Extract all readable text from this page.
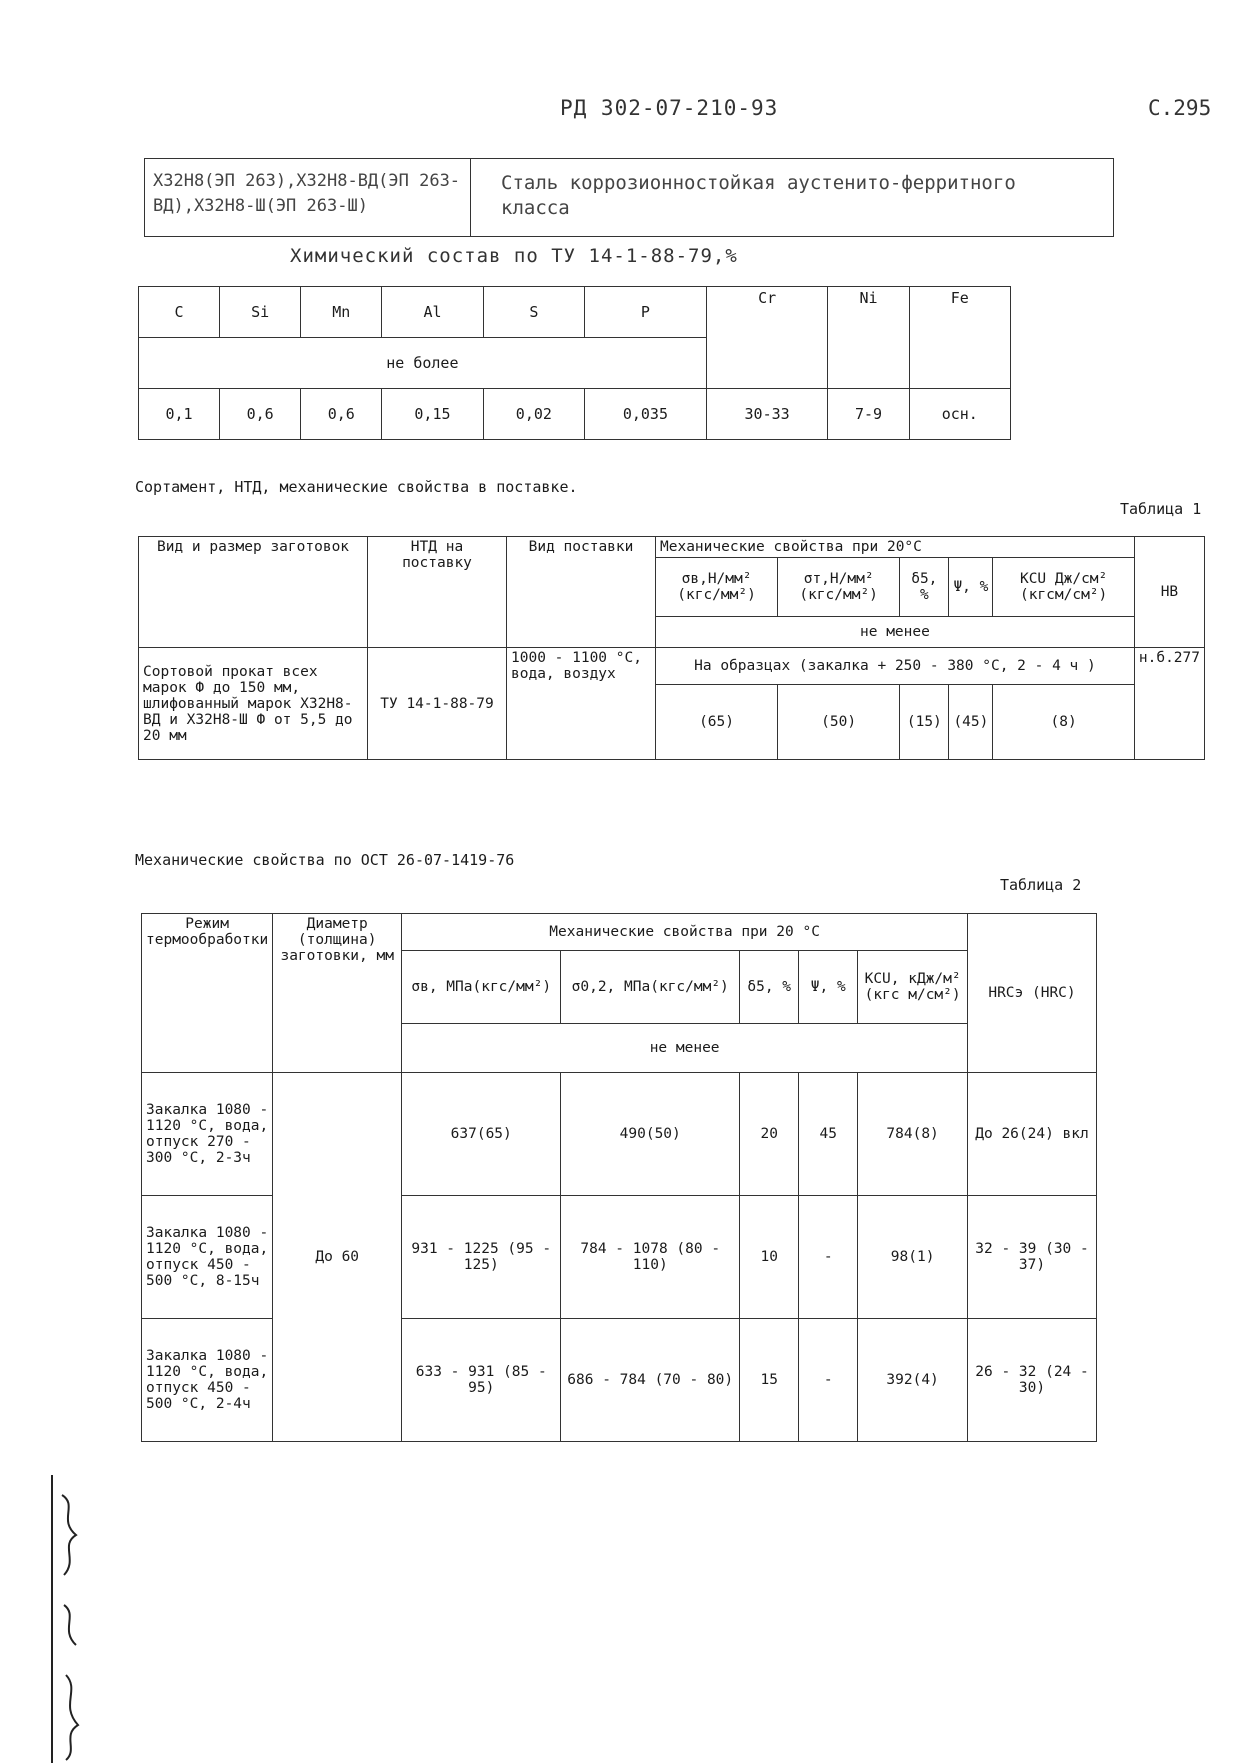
РД 302-07-210-93	С.295
Х32Н8(ЭП 263),Х32Н8-ВД(ЭП 263-ВД),Х32Н8-Ш(ЭП 263-Ш)
Сталь коррозионностойкая аустенито-ферритного класса
Химический состав по ТУ 14-1-88-79,%
C	Si	Mn	Al	S	P	Cr	Ni	Fe
не более								
0,1	0,6	0,6	0,15	0,02	0,035	30-33	7-9	осн.
Сортамент, НТД, механические свойства в поставке.
Таблица 1
Вид и размер заготовок	НТД на поставку	Вид поставки	Механические свойства при 20°С					НВ
			σв,Н/мм² (кгс/мм²)	σт,Н/мм² (кгс/мм²)	δ5, %	Ψ, %	KCU Дж/см² (кгсм/см²)	
			не менее					
Сортовой прокат всех марок Ф до 150 мм, шлифованный марок Х32Н8-ВД и Х32Н8-Ш Ф от 5,5 до 20 мм	ТУ 14-1-88-79	1000 - 1100 °С, вода, воздух	На образцах (закалка + 250 - 380 °С, 2 - 4 ч )					н.б.277
			(65)	(50)	(15)	(45)	(8)	
Механические свойства по ОСТ 26-07-1419-76
Таблица 2
Режим термообработки	Диаметр (толщина) заготовки, мм	Механические свойства при 20 °С					HRCэ (HRC)
		σв, МПа(кгс/мм²)	σ0,2, МПа(кгс/мм²)	δ5, %	Ψ, %	KCU, кДж/м² (кгс м/см²)	
		не менее					
Закалка 1080 - 1120 °С, вода, отпуск 270 - 300 °С, 2-3ч	До 60	637(65)	490(50)	20	45	784(8)	До 26(24) вкл
Закалка 1080 - 1120 °С, вода, отпуск 450 - 500 °С, 8-15ч		931 - 1225 (95 - 125)	784 - 1078 (80 - 110)	10	-	98(1)	32 - 39 (30 - 37)
Закалка 1080 - 1120 °С, вода, отпуск 450 - 500 °С, 2-4ч		633 - 931 (85 - 95)	686 - 784 (70 - 80)	15	-	392(4)	26 - 32 (24 - 30)
